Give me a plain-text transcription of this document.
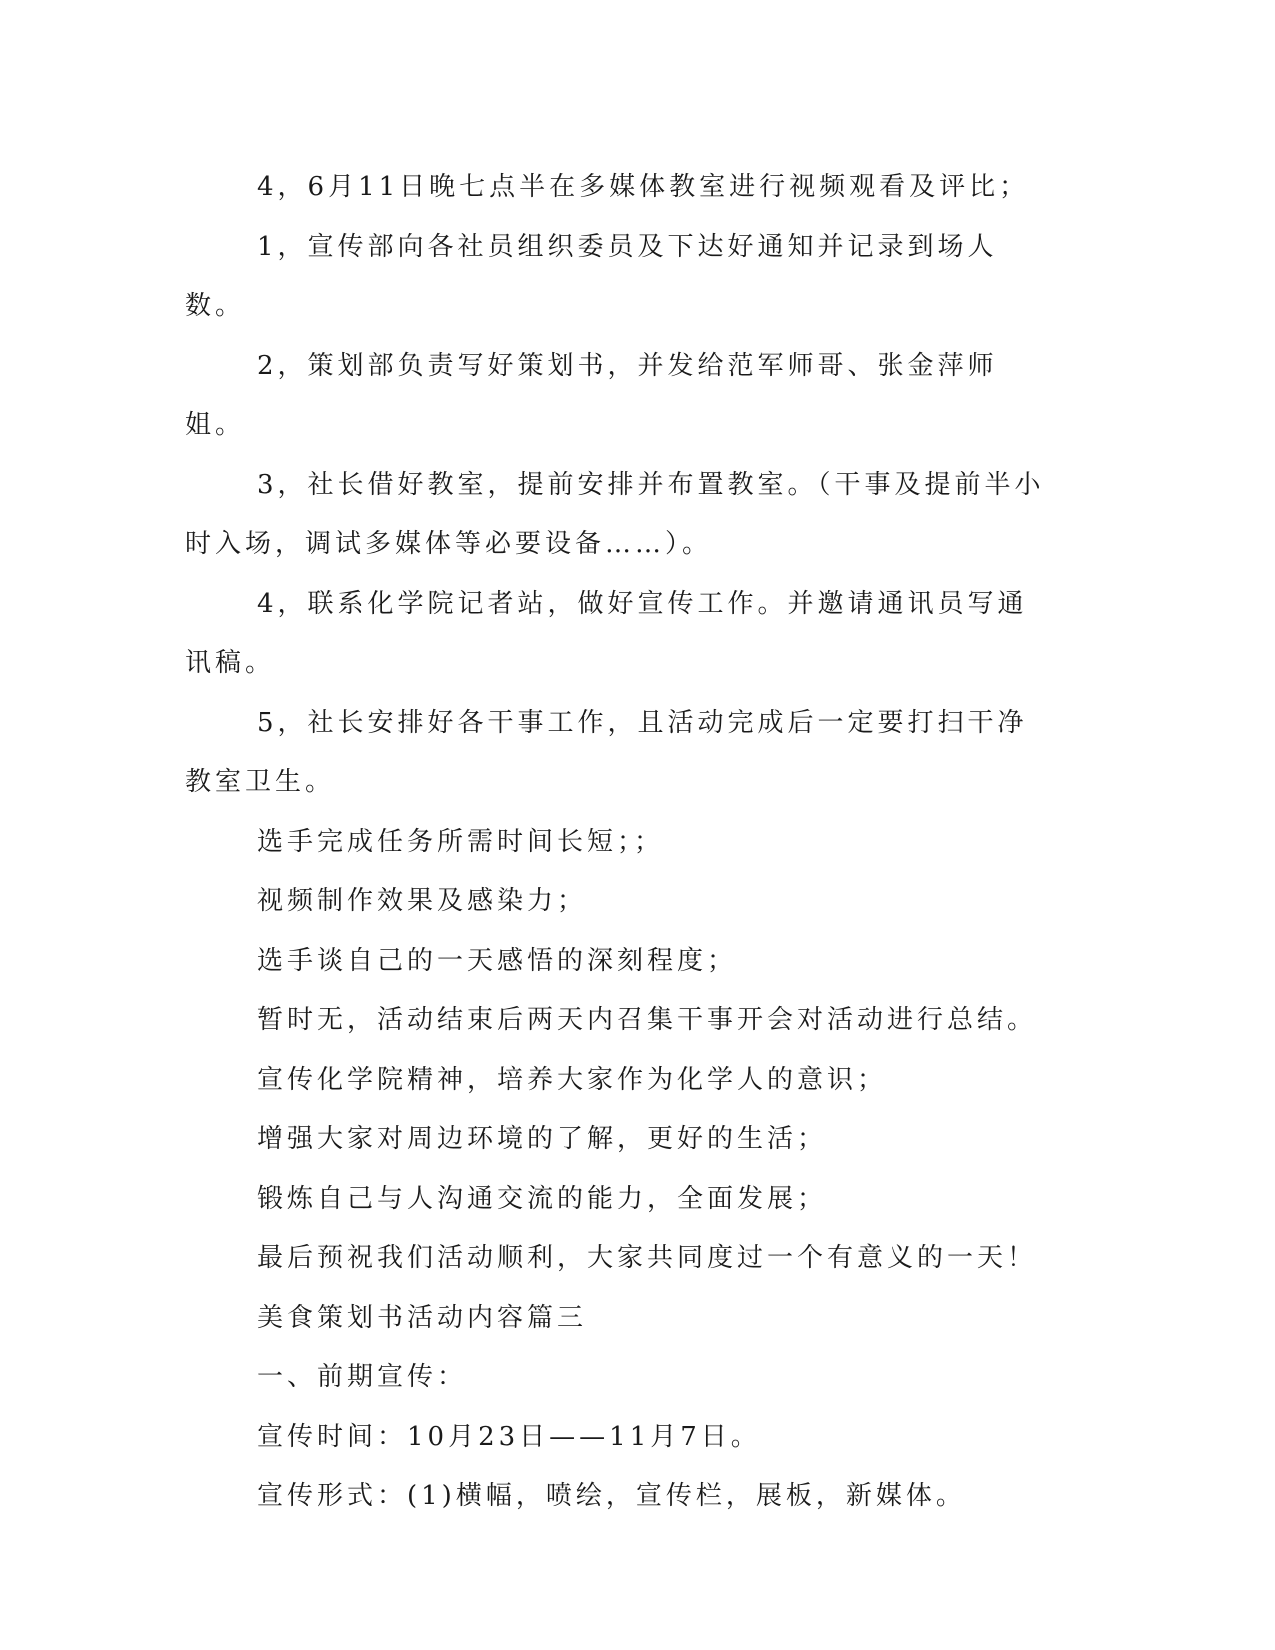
4，6月11日晚七点半在多媒体教室进行视频观看及评比；

1，宣传部向各社员组织委员及下达好通知并记录到场人数。

2，策划部负责写好策划书，并发给范军师哥、张金萍师姐。

3，社长借好教室，提前安排并布置教室。（干事及提前半小时入场，调试多媒体等必要设备……）。

4，联系化学院记者站，做好宣传工作。并邀请通讯员写通讯稿。

5，社长安排好各干事工作，且活动完成后一定要打扫干净教室卫生。

选手完成任务所需时间长短；；

视频制作效果及感染力；

选手谈自己的一天感悟的深刻程度；

暂时无，活动结束后两天内召集干事开会对活动进行总结。

宣传化学院精神，培养大家作为化学人的意识；

增强大家对周边环境的了解，更好的生活；

锻炼自己与人沟通交流的能力，全面发展；

最后预祝我们活动顺利，大家共同度过一个有意义的一天！

美食策划书活动内容篇三

一、前期宣传：

宣传时间：10月23日——11月7日。

宣传形式：(1)横幅，喷绘，宣传栏，展板，新媒体。
